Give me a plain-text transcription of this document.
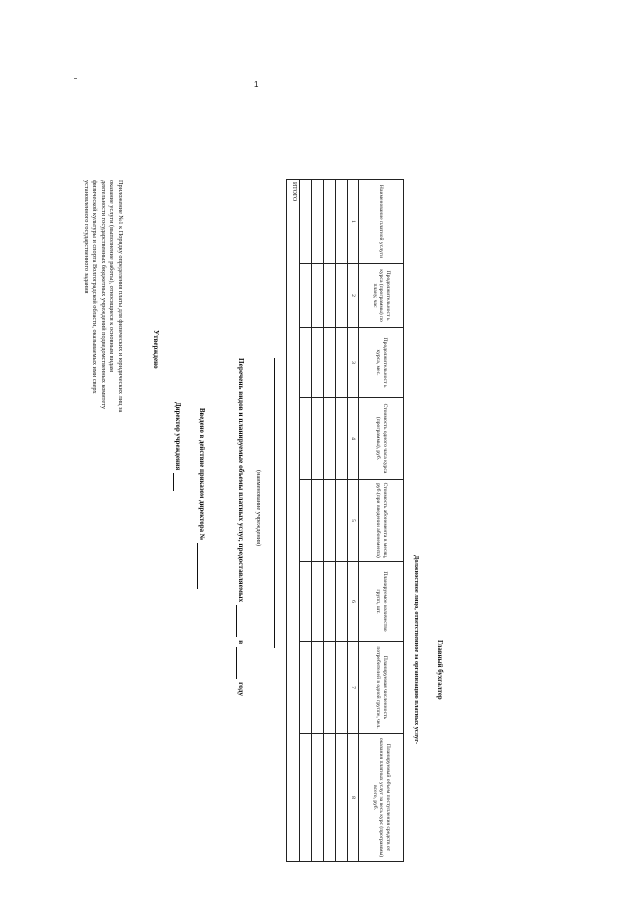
1
Приложение №1 к Порядку определения платы для физических и юридических лиц за
оказание услуги (выполнение работы), относящиеся к основным видам
деятельности государственных бюджетных учреждений подведомственных комитету
физической культуры и спорта Волгоградской области, оказываемых ими сверх
установленного государственного задания
Утверждено
Директор учреждения	Введено в действие приказом директора №	Перечень видов и планируемые объемы платных услуг, предоставляемыхвгоду
(наименование учреждения)
Наименование платной услуги	Продолжительност ь курса (программы) по плану, час	Продолжительност ь курса, мес.	Стоимость одного часа курса (программы), руб.	Стоимость абонемента в месяц, руб.(при введении абонемента)	Планируемое количество групп, шт.	Планируемая численность потребителей в одной группе, чел.	Планируемый объем поступления средств от оказания платных услуг за весь курс (программы) всего, руб.
1	2	3	4	5	6	7	8

ИТОГО							
Должностное лицо, ответственное за организацию платных услуг- Главный бухгалтер
